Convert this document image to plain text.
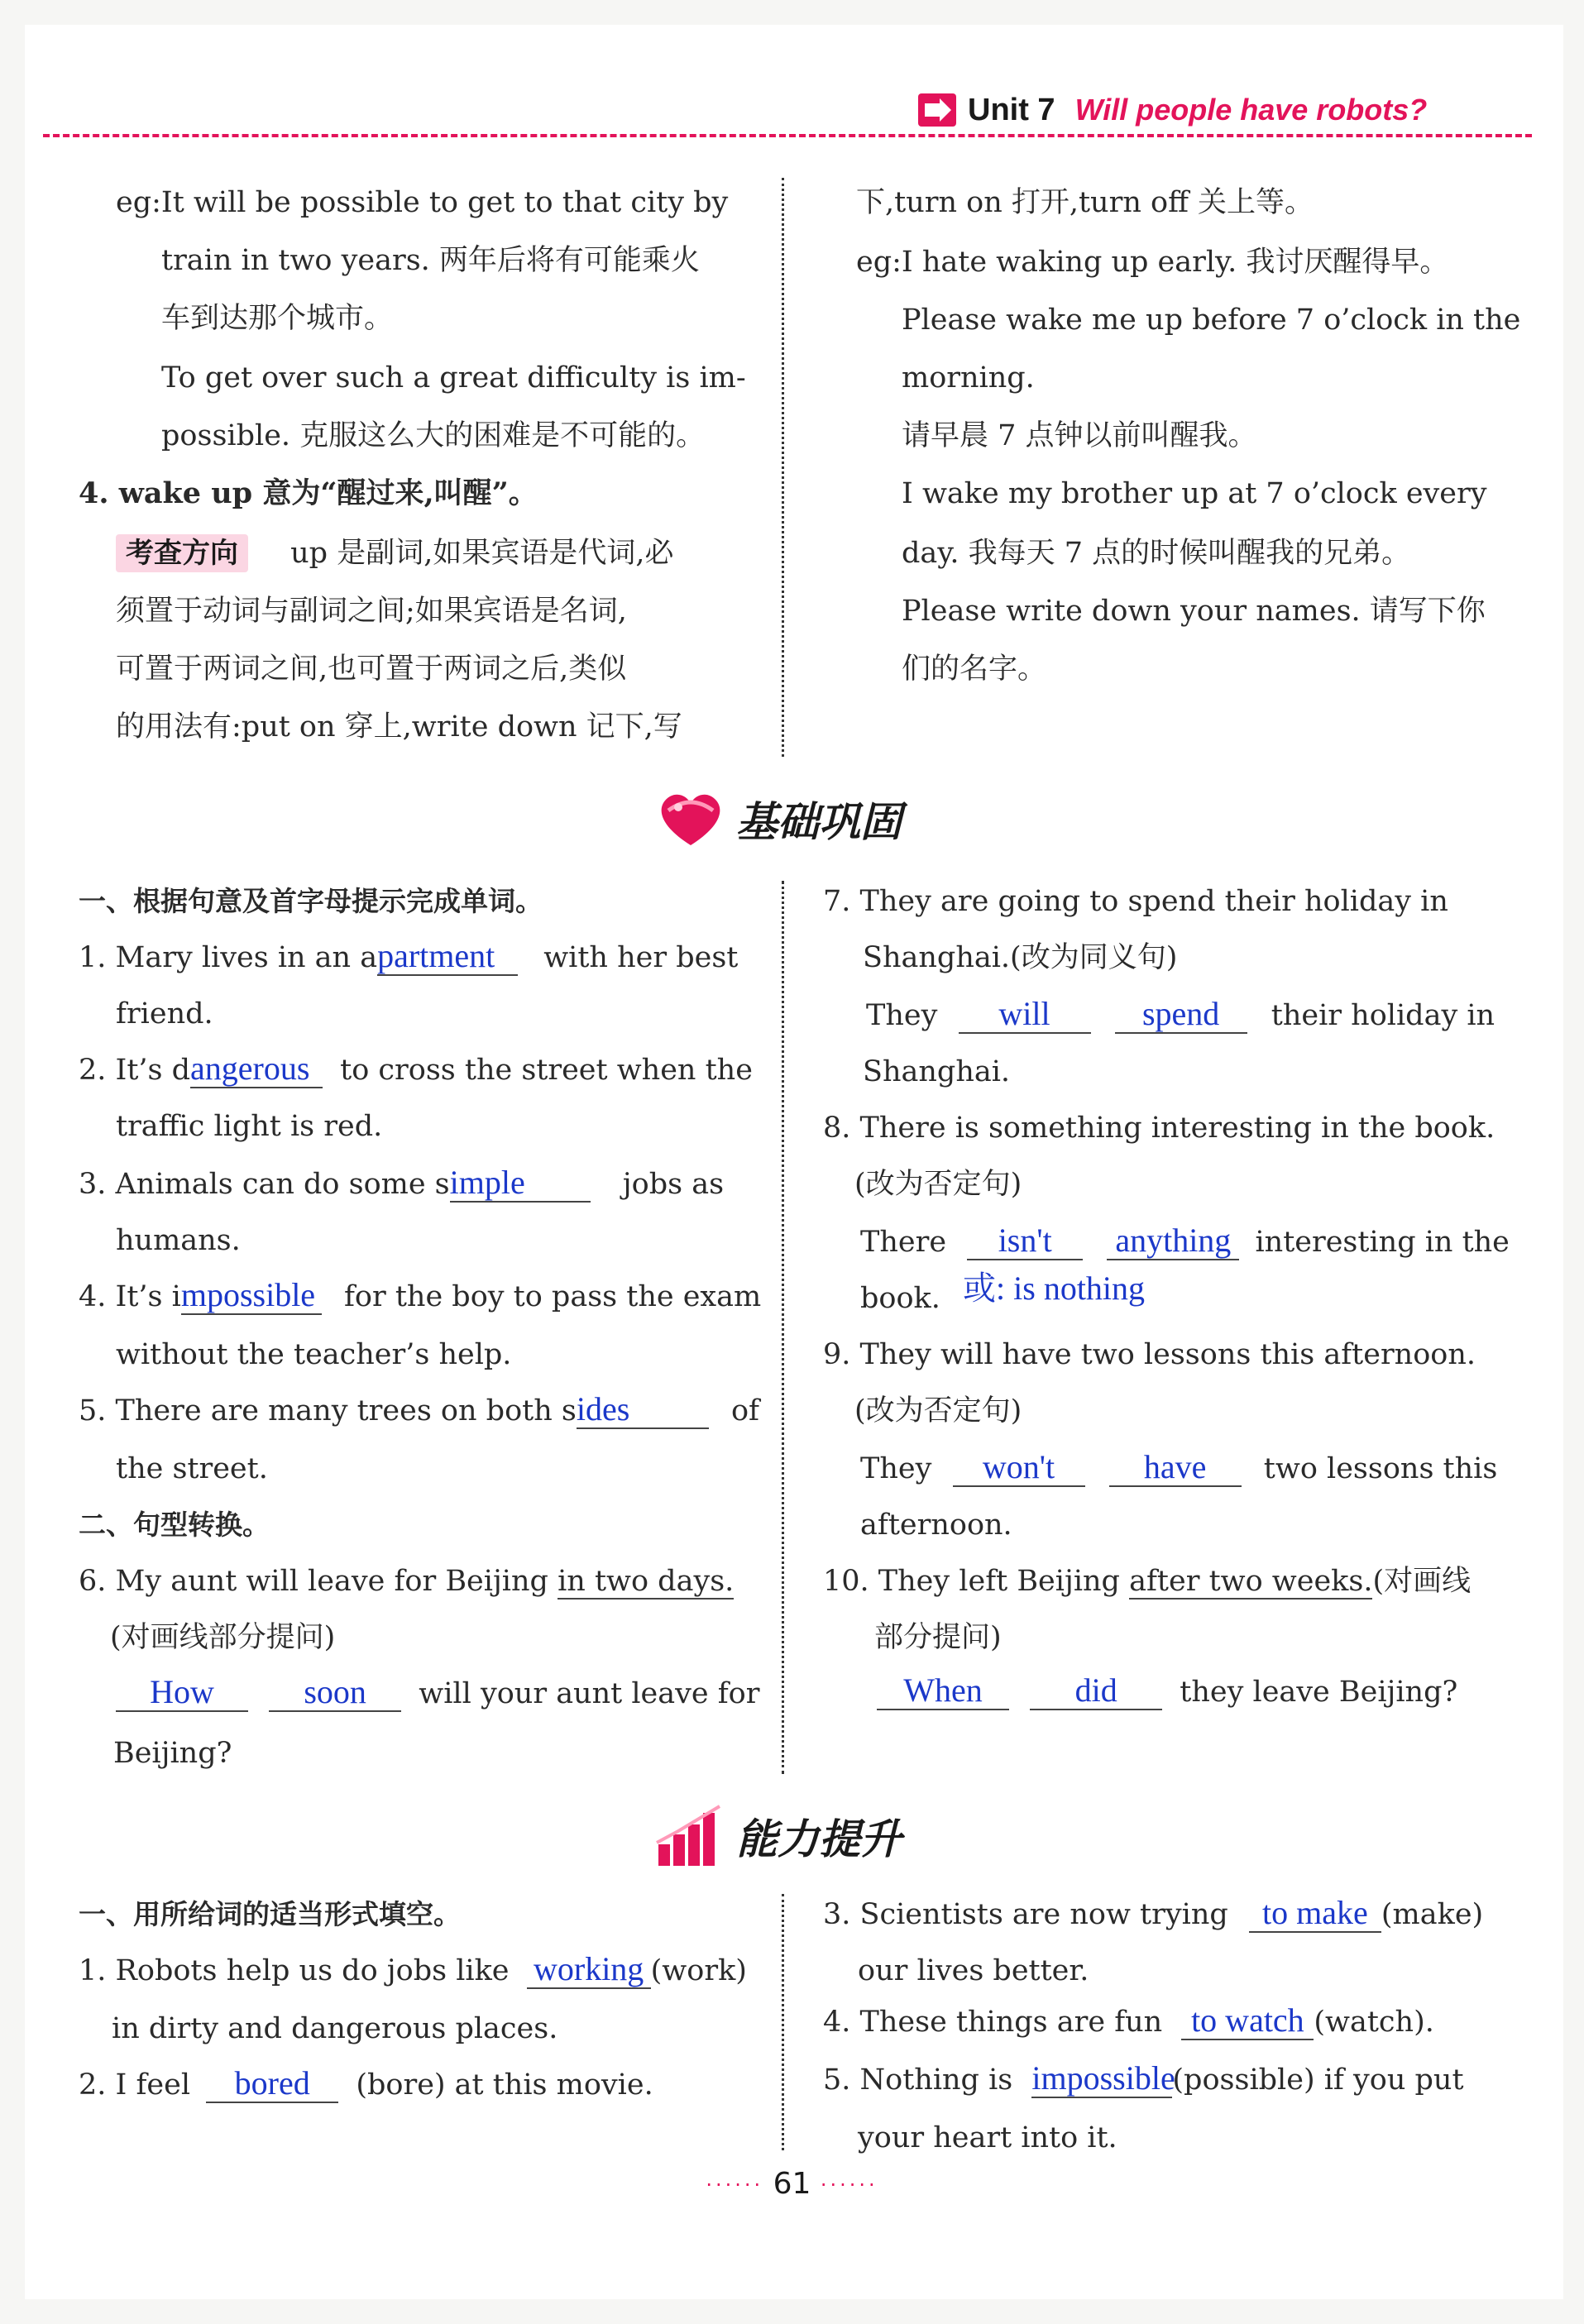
Unit 7 Will people have robots?
eg:It will be possible to get to that city by
train in two years. 两年后将有可能乘火
车到达那个城市。
To get over such a great difficulty is im-
possible. 克服这么大的困难是不可能的。
4. wake up 意为“醒过来,叫醒”。
考查方向 up 是副词,如果宾语是代词,必
须置于动词与副词之间;如果宾语是名词,
可置于两词之间,也可置于两词之后,类似
的用法有:put on 穿上,write down 记下,写
下,turn on 打开,turn off 关上等。
eg:I hate waking up early. 我讨厌醒得早。
Please wake me up before 7 o’clock in the
morning.
请早晨 7 点钟以前叫醒我。
I wake my brother up at 7 o’clock every
day. 我每天 7 点的时候叫醒我的兄弟。
Please write down your names. 请写下你
们的名字。
基础巩固
一、根据句意及首字母提示完成单词。
1. Mary lives in an apartment with her best
friend.
2. It’s dangerous to cross the street when the
traffic light is red.
3. Animals can do some simple	jobs as
humans.
4. It’s impossible for the boy to pass the exam
without the teacher’s help.
5. There are many trees on both sides	of
the street.
二、句型转换。
6. My aunt will leave for Beijing in two days.
(对画线部分提问)
How	soon will your aunt leave for
Beijing?
7. They are going to spend their holiday in
Shanghai.(改为同义句)
They will	spend their holiday in
Shanghai.
8. There is something interesting in the book.
(改为否定句)
There isn't anything interesting in the
book. 或: is nothing
9. They will have two lessons this afternoon.
(改为否定句)
They won't	have two lessons this
afternoon.
10. They left Beijing after two weeks.(对画线
部分提问)
When	did they leave Beijing?
能力提升
一、用所给词的适当形式填空。
1. Robots help us do jobs like working (work)
in dirty and dangerous places.
2. I feel bored (bore) at this movie.
3. Scientists are now trying to make (make)
our lives better.
4. These things are fun to watch (watch).
5. Nothing is impossible(possible) if you put
your heart into it.
······ 61 ······
